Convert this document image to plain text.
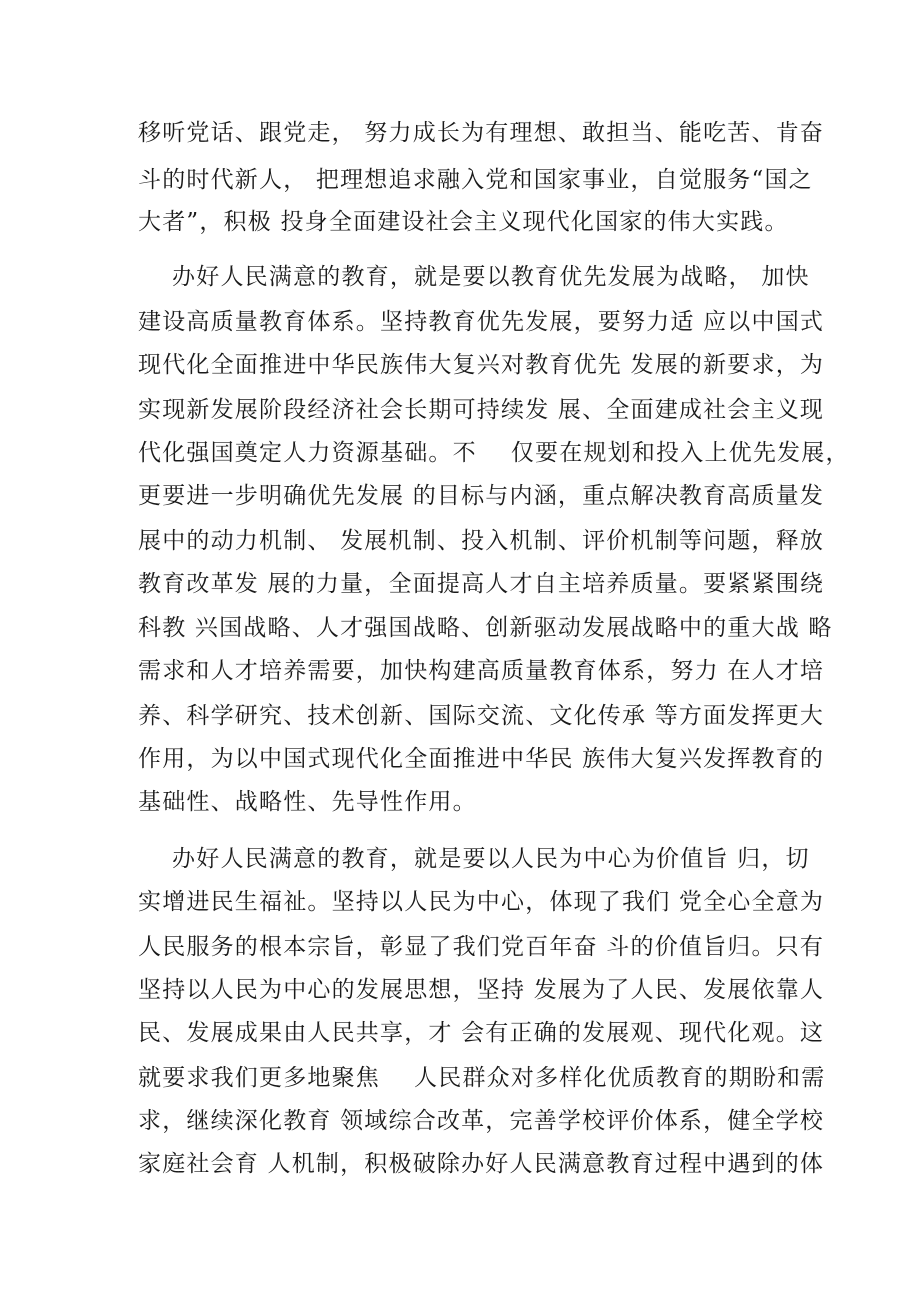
移听党话、跟党走， 努力成长为有理想、敢担当、能吃苦、肯奋
斗的时代新人， 把理想追求融入党和国家事业，自觉服务“国之
大者”，积极 投身全面建设社会主义现代化国家的伟大实践。
办好人民满意的教育，就是要以教育优先发展为战略， 加快
建设高质量教育体系。坚持教育优先发展，要努力适 应以中国式
现代化全面推进中华民族伟大复兴对教育优先 发展的新要求，为
实现新发展阶段经济社会长期可持续发 展、全面建成社会主义现
代化强国奠定人力资源基础。不    仅要在规划和投入上优先发展，
更要进一步明确优先发展 的目标与内涵，重点解决教育高质量发
展中的动力机制、 发展机制、投入机制、评价机制等问题，释放
教育改革发 展的力量，全面提高人才自主培养质量。要紧紧围绕
科教 兴国战略、人才强国战略、创新驱动发展战略中的重大战 略
需求和人才培养需要，加快构建高质量教育体系，努力 在人才培
养、科学研究、技术创新、国际交流、文化传承 等方面发挥更大
作用，为以中国式现代化全面推进中华民 族伟大复兴发挥教育的
基础性、战略性、先导性作用。
办好人民满意的教育，就是要以人民为中心为价值旨 归，切
实增进民生福祉。坚持以人民为中心，体现了我们 党全心全意为
人民服务的根本宗旨，彰显了我们党百年奋 斗的价值旨归。只有
坚持以人民为中心的发展思想，坚持 发展为了人民、发展依靠人
民、发展成果由人民共享，才 会有正确的发展观、现代化观。这
就要求我们更多地聚焦    人民群众对多样化优质教育的期盼和需
求，继续深化教育 领域综合改革，完善学校评价体系，健全学校
家庭社会育 人机制，积极破除办好人民满意教育过程中遇到的体
